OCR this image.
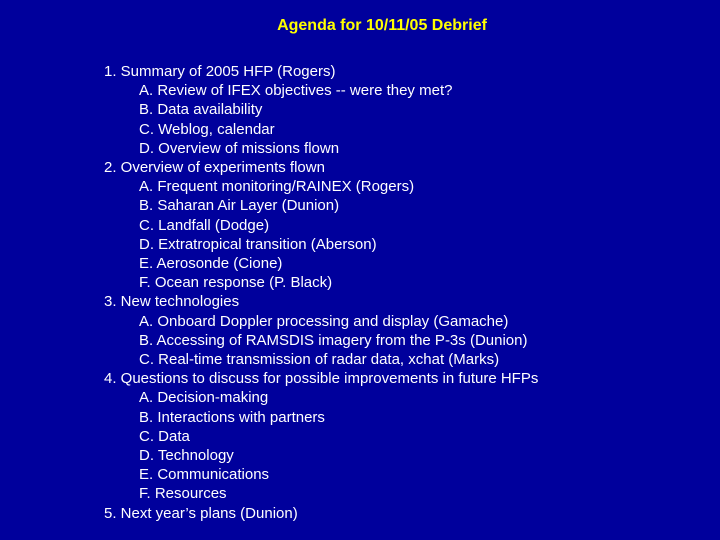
Agenda for 10/11/05 Debrief
1. Summary of 2005 HFP (Rogers)
A. Review of IFEX objectives -- were they met?
B. Data availability
C. Weblog, calendar
D. Overview of missions flown
2. Overview of experiments flown
A. Frequent monitoring/RAINEX (Rogers)
B. Saharan Air Layer (Dunion)
C. Landfall (Dodge)
D. Extratropical transition (Aberson)
E. Aerosonde (Cione)
F. Ocean response (P. Black)
3. New technologies
A. Onboard Doppler processing and display (Gamache)
B. Accessing of RAMSDIS imagery from the P-3s (Dunion)
C. Real-time transmission of radar data, xchat (Marks)
4. Questions to discuss for possible improvements in future HFPs
A. Decision-making
B. Interactions with partners
C. Data
D. Technology
E. Communications
F. Resources
5. Next year’s plans (Dunion)
